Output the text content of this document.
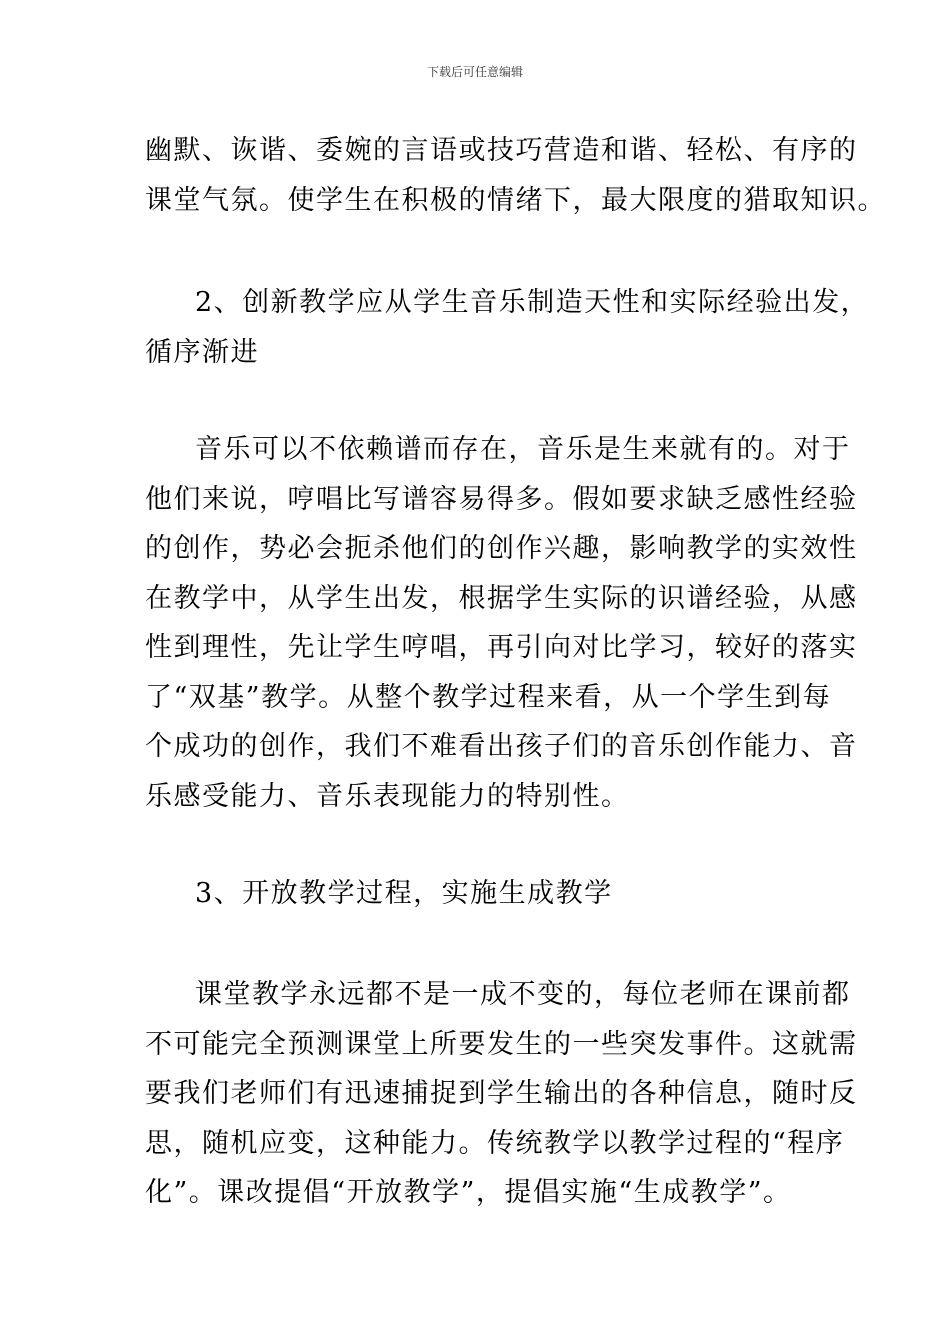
下载后可任意编辑
幽默、诙谐、委婉的言语或技巧营造和谐、轻松、有序的
课堂气氛。使学生在积极的情绪下，最大限度的猎取知识。
2、创新教学应从学生音乐制造天性和实际经验出发，
循序渐进
音乐可以不依赖谱而存在，音乐是生来就有的。对于
他们来说，哼唱比写谱容易得多。假如要求缺乏感性经验
的创作，势必会扼杀他们的创作兴趣，影响教学的实效性
在教学中，从学生出发，根据学生实际的识谱经验，从感
性到理性，先让学生哼唱，再引向对比学习，较好的落实
了“双基”教学。从整个教学过程来看，从一个学生到每
个成功的创作，我们不难看出孩子们的音乐创作能力、音
乐感受能力、音乐表现能力的特别性。
3、开放教学过程，实施生成教学
课堂教学永远都不是一成不变的，每位老师在课前都
不可能完全预测课堂上所要发生的一些突发事件。这就需
要我们老师们有迅速捕捉到学生输出的各种信息，随时反
思，随机应变，这种能力。传统教学以教学过程的“程序
化”。课改提倡“开放教学”，提倡实施“生成教学”。
